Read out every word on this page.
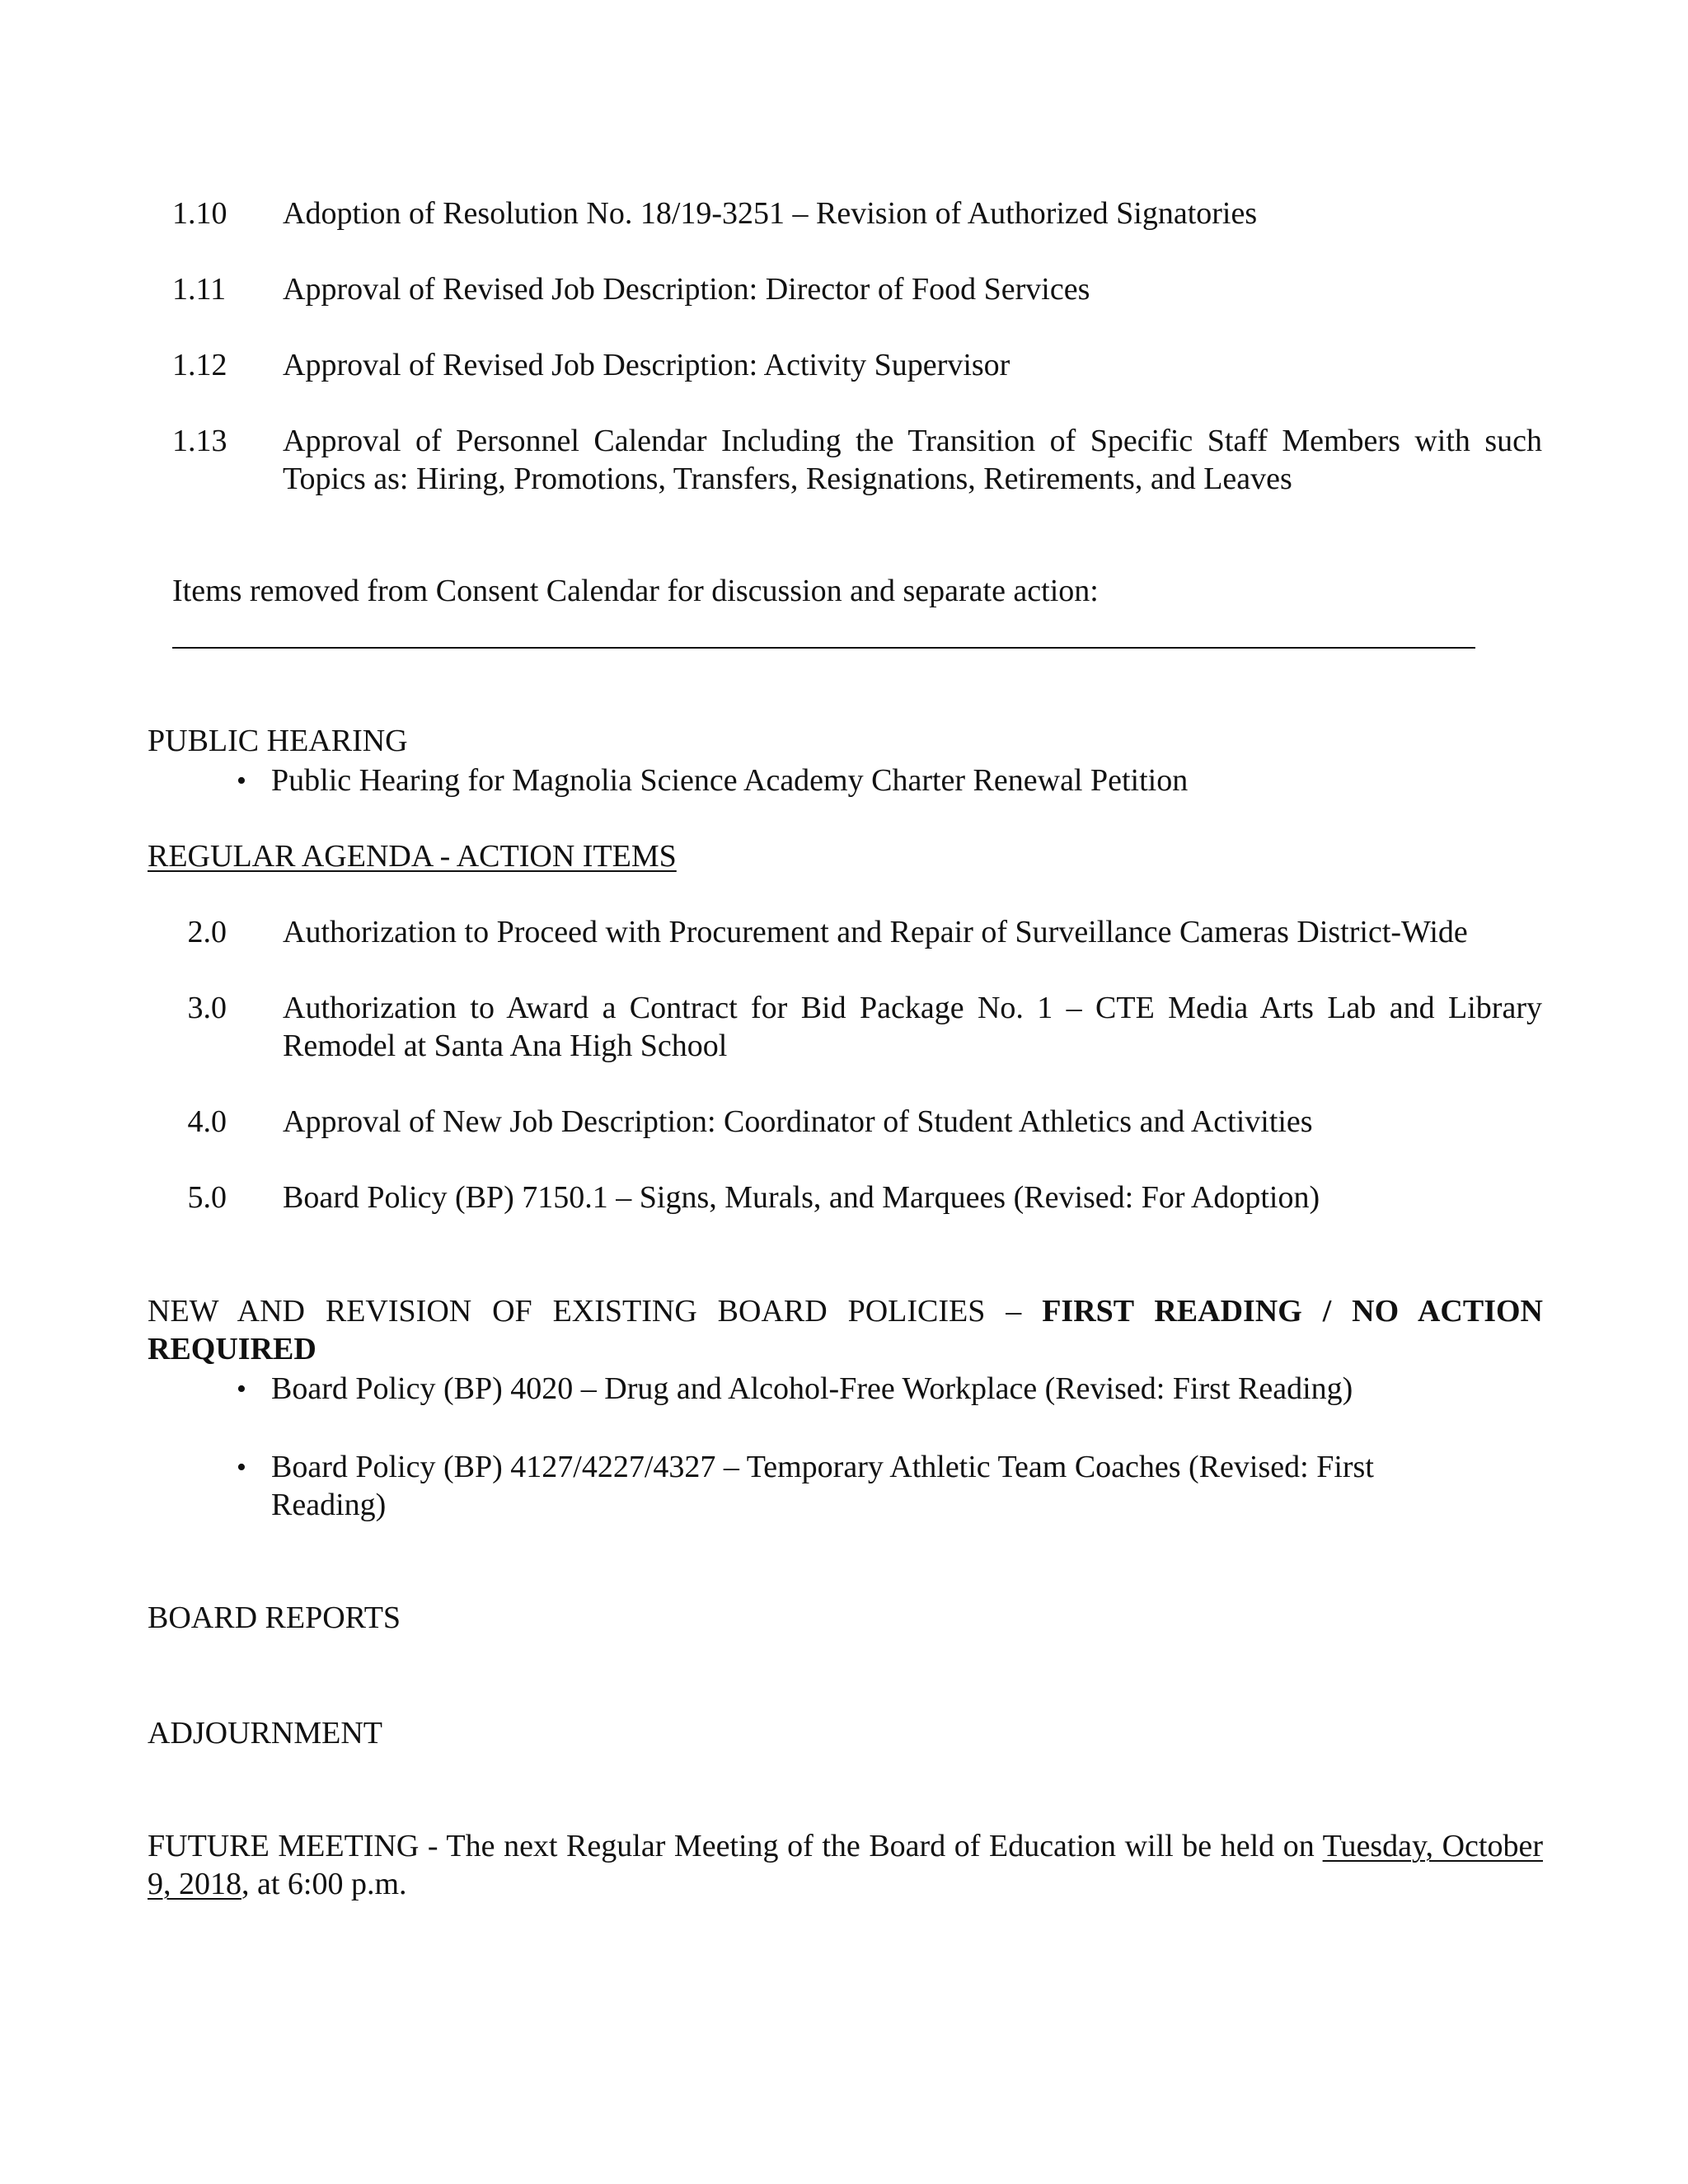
1.10	Adoption of Resolution No. 18/19-3251 – Revision of Authorized Signatories
1.11	Approval of Revised Job Description: Director of Food Services
1.12	Approval of Revised Job Description: Activity Supervisor
1.13	Approval of Personnel Calendar Including the Transition of Specific Staff Members with such Topics as: Hiring, Promotions, Transfers, Resignations, Retirements, and Leaves
Items removed from Consent Calendar for discussion and separate action:
PUBLIC HEARING
• Public Hearing for Magnolia Science Academy Charter Renewal Petition
REGULAR AGENDA - ACTION ITEMS
2.0 Authorization to Proceed with Procurement and Repair of Surveillance Cameras District-Wide
3.0 Authorization to Award a Contract for Bid Package No. 1 – CTE Media Arts Lab and Library Remodel at Santa Ana High School
4.0 Approval of New Job Description: Coordinator of Student Athletics and Activities
5.0 Board Policy (BP) 7150.1 – Signs, Murals, and Marquees (Revised: For Adoption)
NEW AND REVISION OF EXISTING BOARD POLICIES – FIRST READING / NO ACTION REQUIRED
• Board Policy (BP) 4020 – Drug and Alcohol-Free Workplace (Revised: First Reading)
• Board Policy (BP) 4127/4227/4327 – Temporary Athletic Team Coaches (Revised: First Reading)
BOARD REPORTS
ADJOURNMENT
FUTURE MEETING - The next Regular Meeting of the Board of Education will be held on Tuesday, October 9, 2018, at 6:00 p.m.
